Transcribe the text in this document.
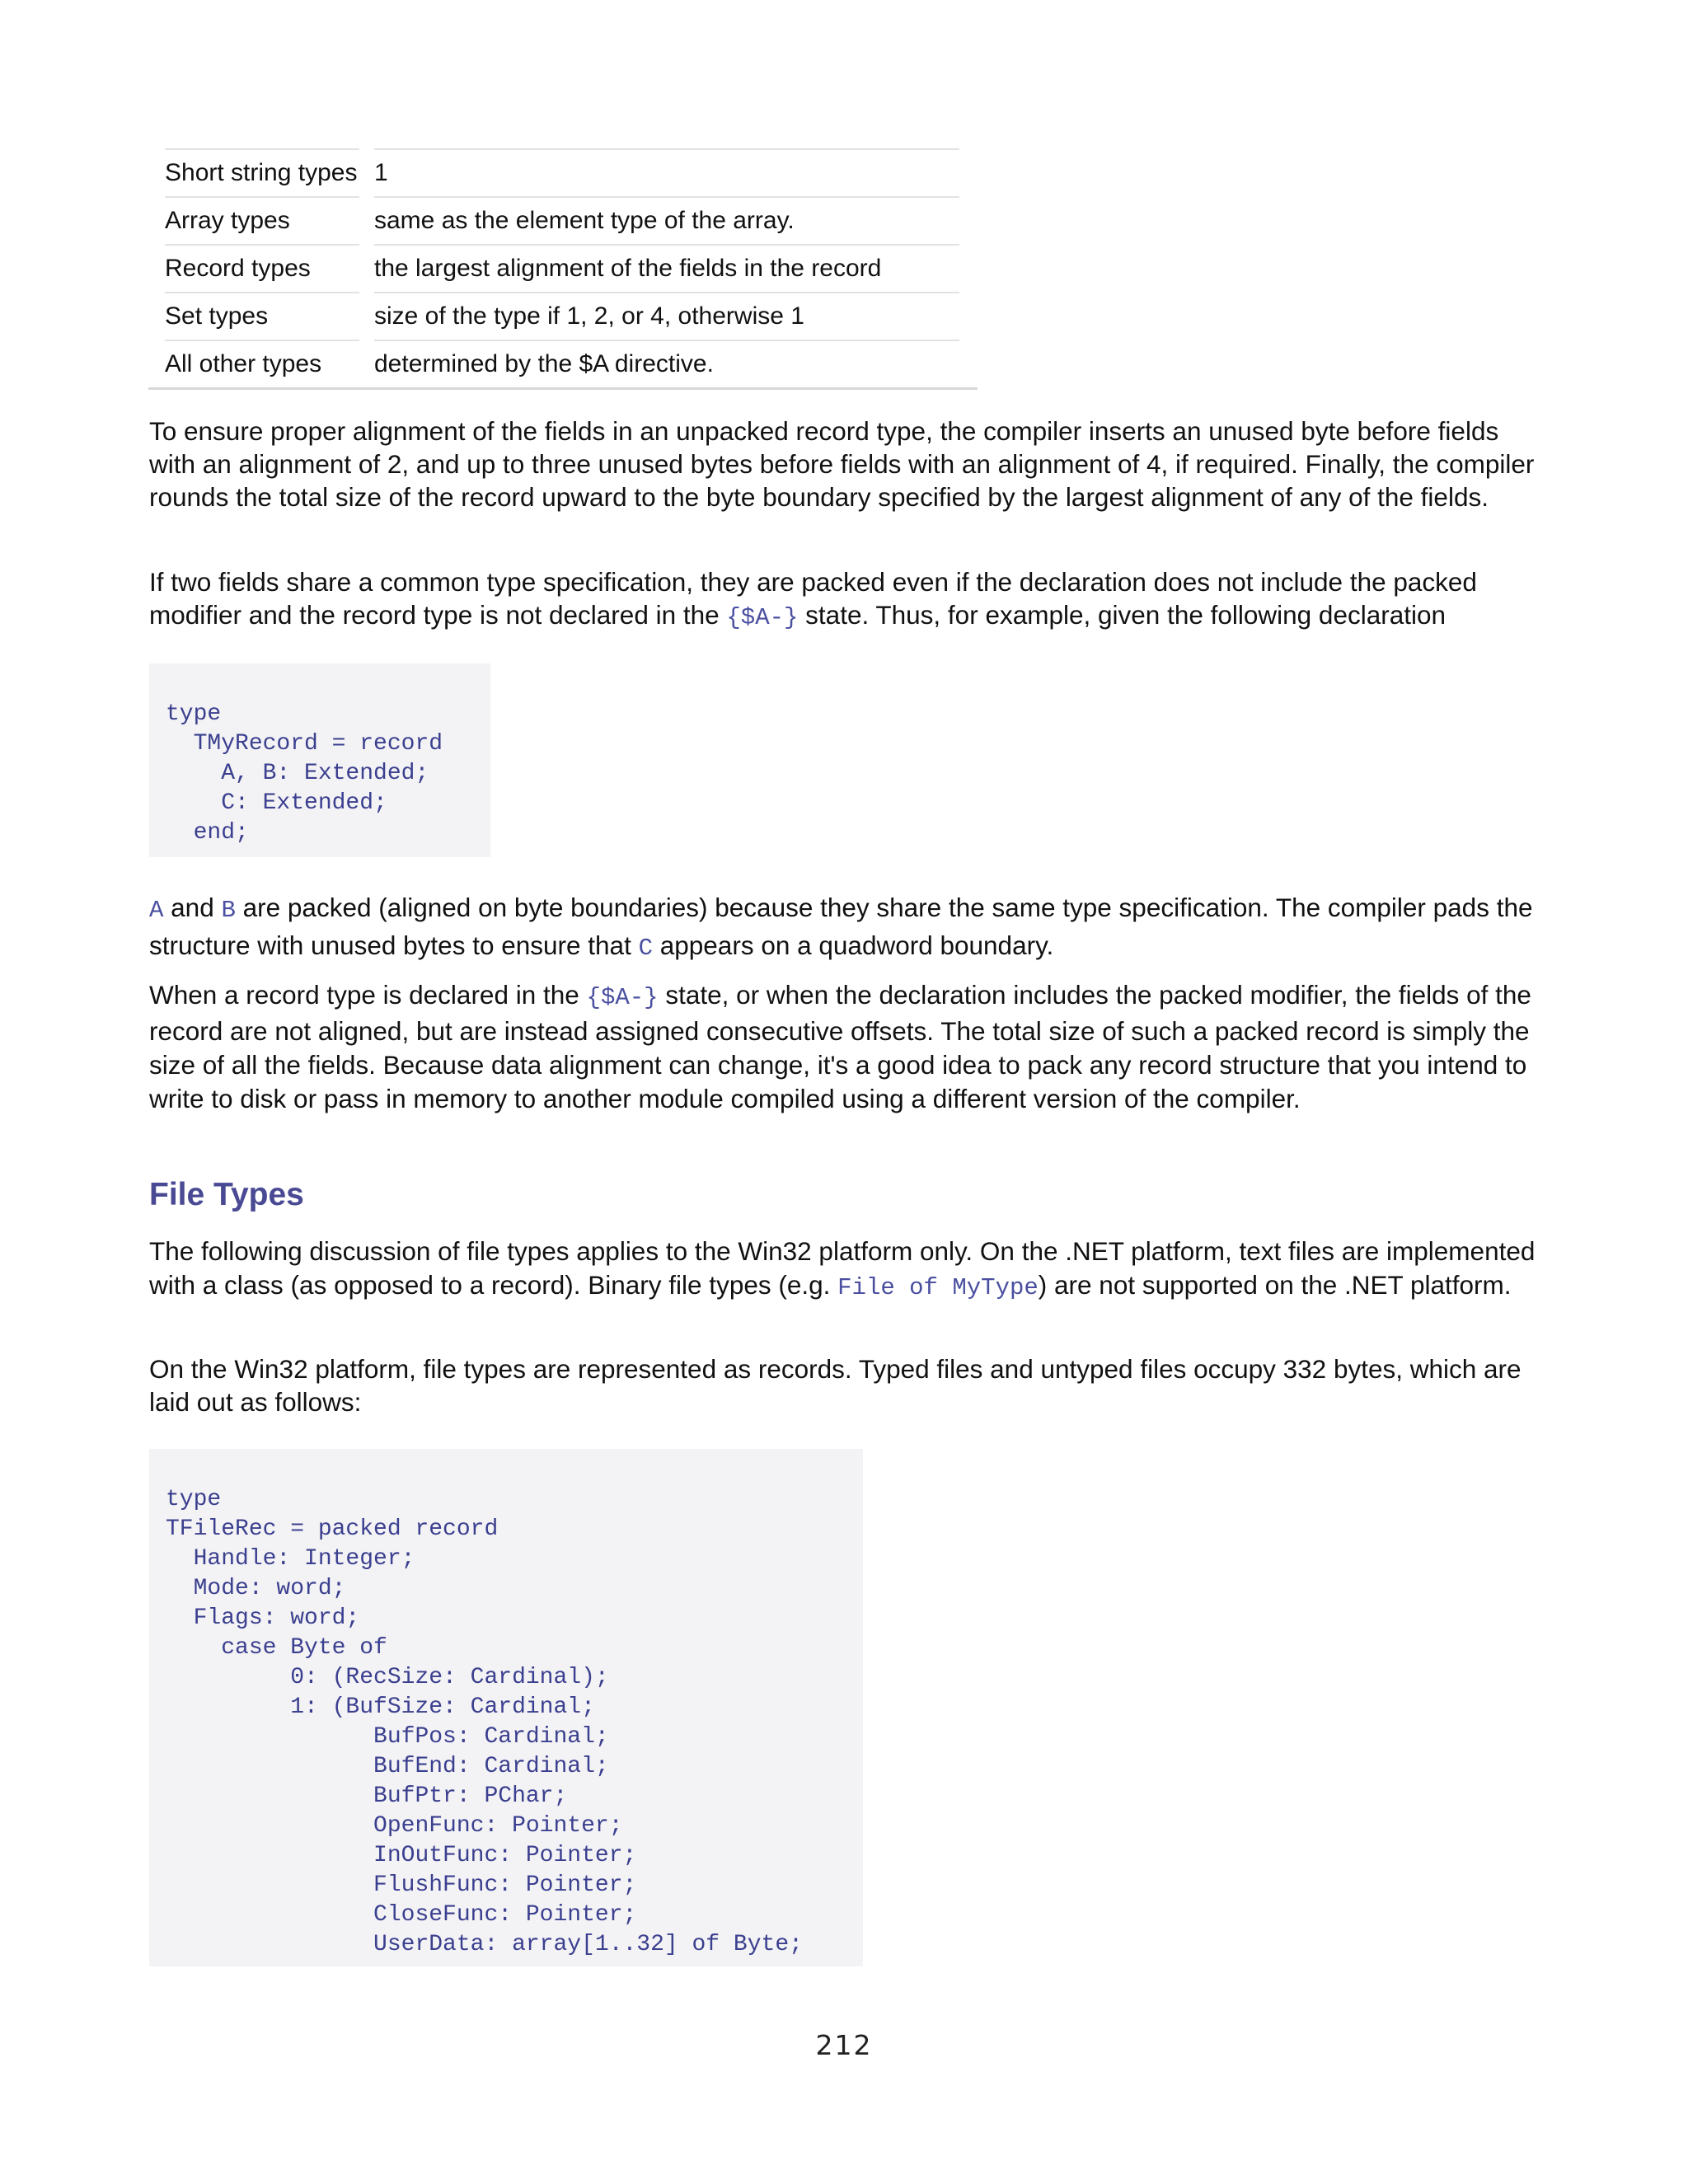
Short string types 1
Array types	same as the element type of the array.
Record types	the largest alignment of the fields in the record
Set types	size of the type if 1, 2, or 4, otherwise 1
All other types	determined by the $A directive.
To ensure proper alignment of the fields in an unpacked record type, the compiler inserts an unused byte before fields with an alignment of 2, and up to three unused bytes before fields with an alignment of 4, if required. Finally, the compiler rounds the total size of the record upward to the byte boundary specified by the largest alignment of any of the fields.
If two fields share a common type specification, they are packed even if the declaration does not include the packed modifier and the record type is not declared in the {$A-} state. Thus, for example, given the following declaration
type
TMyRecord = record
A, B: Extended;
C: Extended;
end;
A and B are packed (aligned on byte boundaries) because they share the same type specification. The compiler pads the structure with unused bytes to ensure that C appears on a quadword boundary.
When a record type is declared in the {$A-} state, or when the declaration includes the packed modifier, the fields of the record are not aligned, but are instead assigned consecutive offsets. The total size of such a packed record is simply the size of all the fields. Because data alignment can change, it's a good idea to pack any record structure that you intend to write to disk or pass in memory to another module compiled using a different version of the compiler.
File Types
The following discussion of file types applies to the Win32 platform only. On the .NET platform, text files are implemented with a class (as opposed to a record). Binary file types (e.g. File of MyType) are not supported on the .NET platform.
On the Win32 platform, file types are represented as records. Typed files and untyped files occupy 332 bytes, which are laid out as follows:
type
TFileRec = packed record
Handle: Integer;
Mode: word;
Flags: word;
case Byte of
0: (RecSize: Cardinal);
1: (BufSize: Cardinal;
BufPos: Cardinal;
BufEnd: Cardinal;
BufPtr: PChar;
OpenFunc: Pointer;
InOutFunc: Pointer;
FlushFunc: Pointer;
CloseFunc: Pointer;
UserData: array[1..32] of Byte;
212
